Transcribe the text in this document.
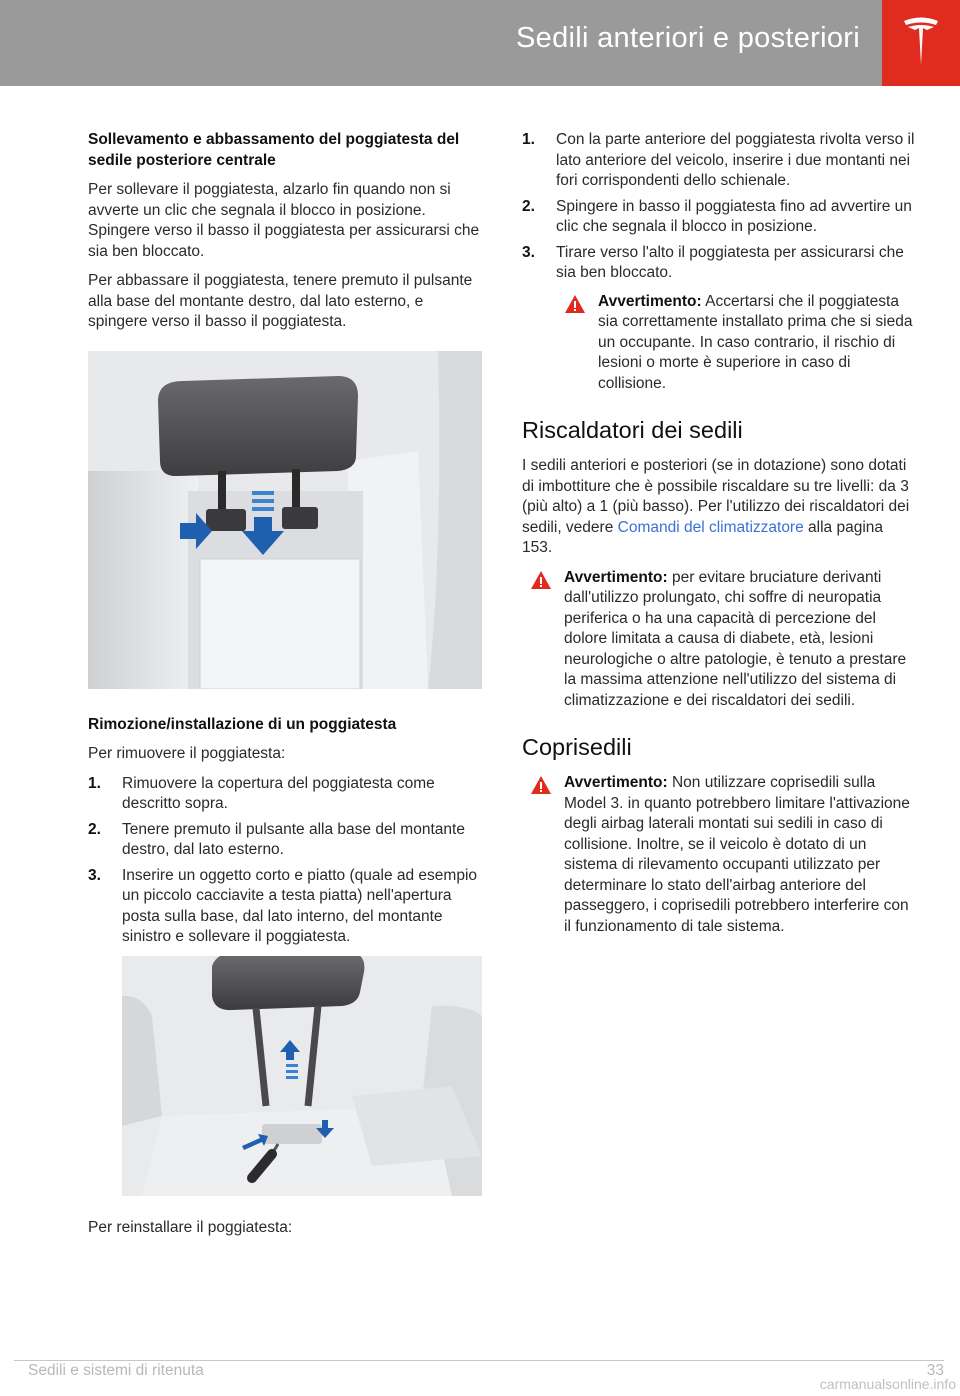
Sedili anteriori e posteriori
Sollevamento e abbassamento del poggiatesta del sedile posteriore centrale

Per sollevare il poggiatesta, alzarlo fin quando non si avverte un clic che segnala il blocco in posizione. Spingere verso il basso il poggiatesta per assicurarsi che sia ben bloccato.

Per abbassare il poggiatesta, tenere premuto il pulsante alla base del montante destro, dal lato esterno, e spingere verso il basso il poggiatesta.

Rimozione/installazione di un poggiatesta

Per rimuovere il poggiatesta:

1. Rimuovere la copertura del poggiatesta come descritto sopra.
2. Tenere premuto il pulsante alla base del montante destro, dal lato esterno.
3. Inserire un oggetto corto e piatto (quale ad esempio un piccolo cacciavite a testa piatta) nell'apertura posta sulla base, dal lato interno, del montante sinistro e sollevare il poggiatesta.

Per reinstallare il poggiatesta:

1. Con la parte anteriore del poggiatesta rivolta verso il lato anteriore del veicolo, inserire i due montanti nei fori corrispondenti dello schienale.
2. Spingere in basso il poggiatesta fino ad avvertire un clic che segnala il blocco in posizione.
3. Tirare verso l'alto il poggiatesta per assicurarsi che sia ben bloccato.
Avvertimento: Accertarsi che il poggiatesta sia correttamente installato prima che si sieda un occupante. In caso contrario, il rischio di lesioni o morte è superiore in caso di collisione.
Riscaldatori dei sedili

I sedili anteriori e posteriori (se in dotazione) sono dotati di imbottiture che è possibile riscaldare su tre livelli: da 3 (più alto) a 1 (più basso). Per l'utilizzo dei riscaldatori dei sedili, vedere Comandi del climatizzatore alla pagina 153.

Avvertimento: per evitare bruciature derivanti dall'utilizzo prolungato, chi soffre di neuropatia periferica o ha una capacità di percezione del dolore limitata a causa di diabete, età, lesioni neurologiche o altre patologie, è tenuto a prestare la massima attenzione nell'utilizzo del sistema di climatizzazione e dei riscaldatori dei sedili.
Coprisedili
Avvertimento: Non utilizzare coprisedili sulla Model 3. in quanto potrebbero limitare l'attivazione degli airbag laterali montati sui sedili in caso di collisione. Inoltre, se il veicolo è dotato di un sistema di rilevamento occupanti utilizzato per determinare lo stato dell'airbag anteriore del passeggero, i coprisedili potrebbero interferire con il funzionamento di tale sistema.
Sedili e sistemi di ritenuta	33
carmanualsonline.info
